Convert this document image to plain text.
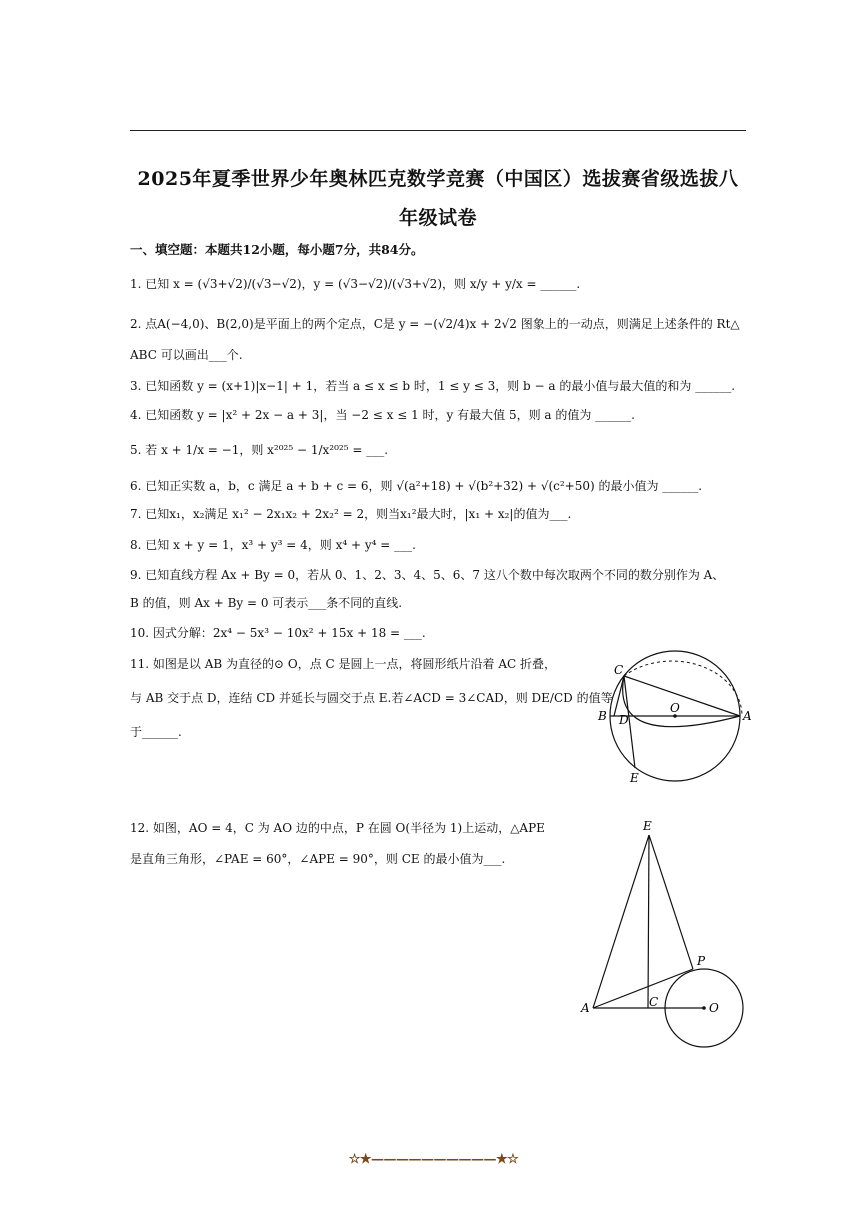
2025年夏季世界少年奥林匹克数学竞赛（中国区）选拔赛省级选拔八
年级试卷
一、填空题：本题共12小题，每小题7分，共84分。
1. 已知 x = (√3+√2)/(√3−√2)，y = (√3−√2)/(√3+√2)，则 x/y + y/x = ______.
2. 点A(−4,0)、B(2,0)是平面上的两个定点，C是 y = −(√2/4)x + 2√2 图象上的一动点，则满足上述条件的 Rt△
ABC 可以画出___个.
3. 已知函数 y = (x+1)|x−1| + 1，若当 a ≤ x ≤ b 时，1 ≤ y ≤ 3，则 b − a 的最小值与最大值的和为 ______.
4. 已知函数 y = |x² + 2x − a + 3|，当 −2 ≤ x ≤ 1 时，y 有最大值 5，则 a 的值为 ______.
5. 若 x + 1/x = −1，则 x²⁰²⁵ − 1/x²⁰²⁵ = ___.
6. 已知正实数 a，b，c 满足 a + b + c = 6，则 √(a²+18) + √(b²+32) + √(c²+50) 的最小值为 ______.
7. 已知x₁，x₂满足 x₁² − 2x₁x₂ + 2x₂² = 2，则当x₁²最大时，|x₁ + x₂|的值为___.
8. 已知 x + y = 1，x³ + y³ = 4，则 x⁴ + y⁴ = ___.
9. 已知直线方程 Ax + By = 0，若从 0、1、2、3、4、5、6、7 这八个数中每次取两个不同的数分别作为 A、
B 的值，则 Ax + By = 0 可表示___条不同的直线.
10. 因式分解：2x⁴ − 5x³ − 10x² + 15x + 18 = ___.
11. 如图是以 AB 为直径的⊙ O，点 C 是圆上一点，将圆形纸片沿着 AC 折叠，
与 AB 交于点 D，连结 CD 并延长与圆交于点 E.若∠ACD = 3∠CAD，则 DE/CD 的值等
于______.
12. 如图，AO = 4，C 为 AO 边的中点，P 在圆 O(半径为 1)上运动，△APE
是直角三角形，∠PAE = 60°，∠APE = 90°，则 CE 的最小值为___.
C
B D
O
A
E
E
P
A	C	O
☆★——————————★☆
